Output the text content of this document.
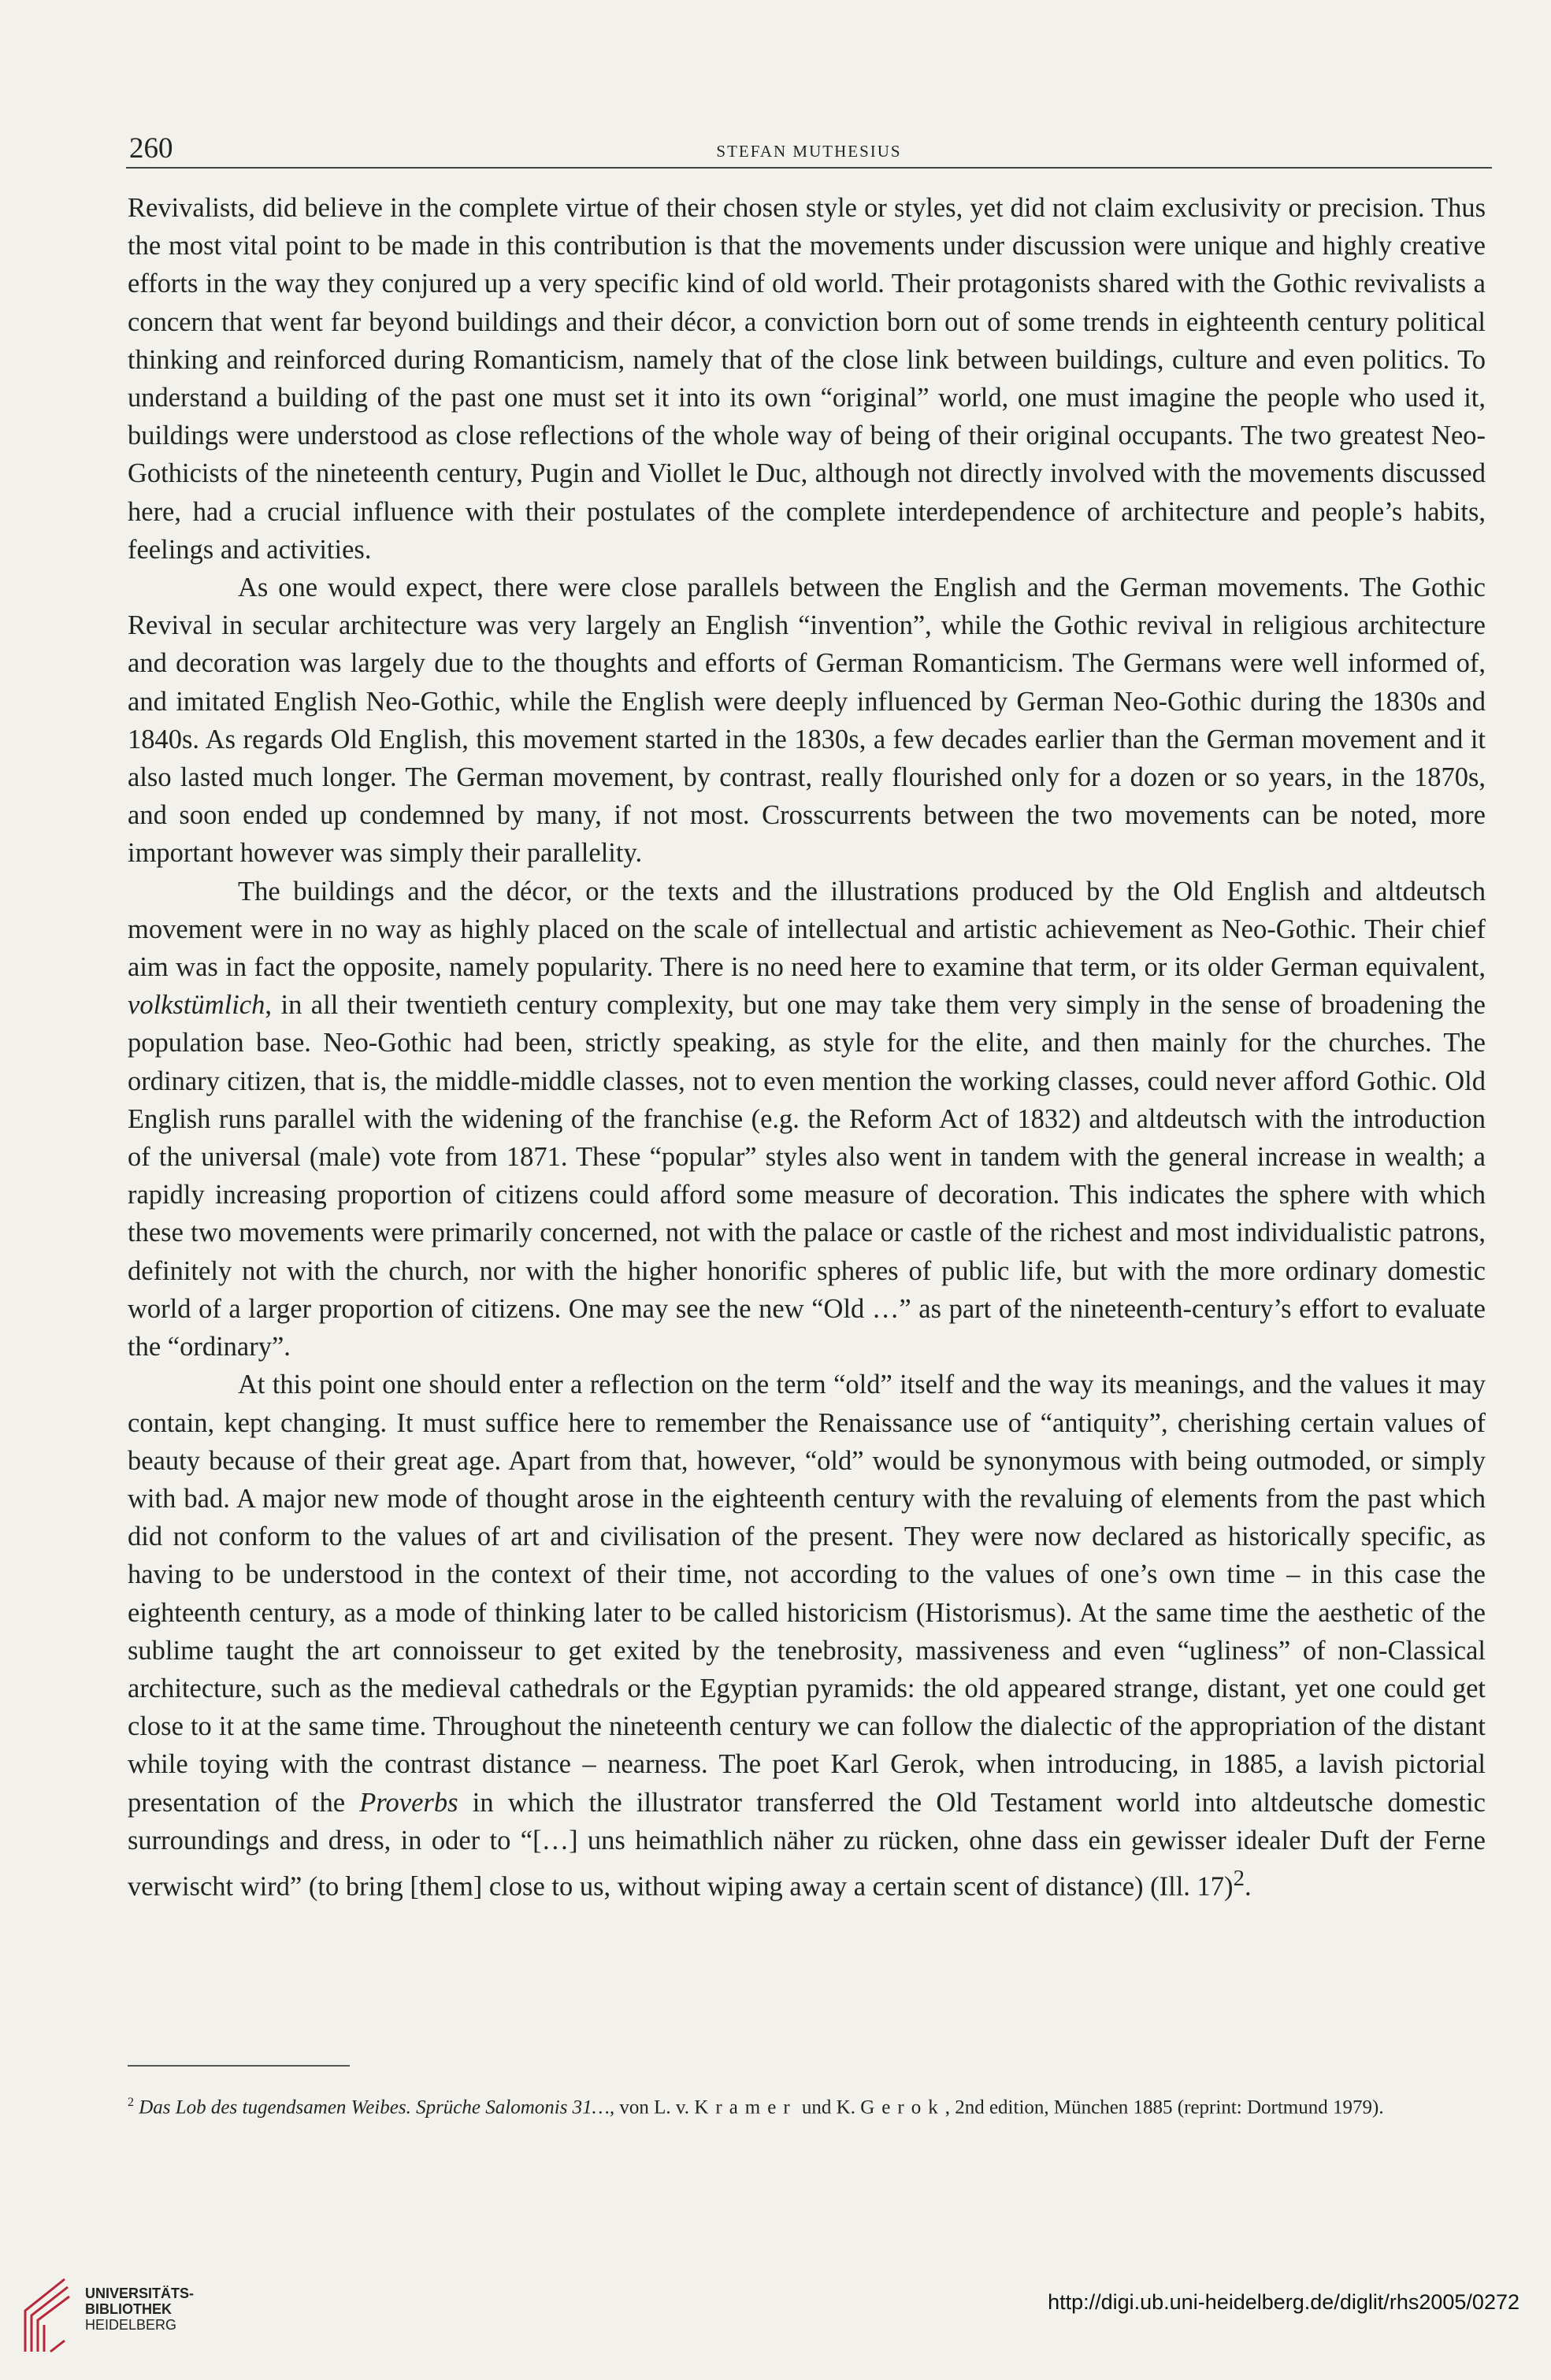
260	STEFAN MUTHESIUS

Revivalists, did believe in the complete virtue of their chosen style or styles, yet did not claim exclusivity or precision. Thus the most vital point to be made in this contribution is that the movements under discussion were unique and highly creative efforts in the way they conjured up a very specific kind of old world. Their protagonists shared with the Gothic revivalists a concern that went far beyond buildings and their décor, a conviction born out of some trends in eighteenth century political thinking and reinforced during Romanticism, namely that of the close link between buildings, culture and even politics. To understand a building of the past one must set it into its own “original” world, one must imagine the people who used it, buildings were understood as close reflections of the whole way of being of their original occupants. The two greatest Neo-Gothicists of the nineteenth century, Pugin and Viollet le Duc, although not directly involved with the movements discussed here, had a crucial influence with their postulates of the complete interdependence of architecture and people’s habits, feelings and activities.

As one would expect, there were close parallels between the English and the German movements. The Gothic Revival in secular architecture was very largely an English “invention”, while the Gothic revival in religious architecture and decoration was largely due to the thoughts and efforts of German Romanticism. The Germans were well informed of, and imitated English Neo-Gothic, while the English were deeply influenced by German Neo-Gothic during the 1830s and 1840s. As regards Old English, this movement started in the 1830s, a few decades earlier than the German movement and it also lasted much longer. The German movement, by contrast, really flourished only for a dozen or so years, in the 1870s, and soon ended up condemned by many, if not most. Crosscurrents between the two movements can be noted, more important however was simply their parallelity.

The buildings and the décor, or the texts and the illustrations produced by the Old English and altdeutsch movement were in no way as highly placed on the scale of intellectual and artistic achievement as Neo-Gothic. Their chief aim was in fact the opposite, namely popularity. There is no need here to examine that term, or its older German equivalent, volkstümlich, in all their twentieth century complexity, but one may take them very simply in the sense of broadening the population base. Neo-Gothic had been, strictly speaking, as style for the elite, and then mainly for the churches. The ordinary citizen, that is, the middle-middle classes, not to even mention the working classes, could never afford Gothic. Old English runs parallel with the widening of the franchise (e.g. the Reform Act of 1832) and altdeutsch with the introduction of the universal (male) vote from 1871. These “popular” styles also went in tandem with the general increase in wealth; a rapidly increasing proportion of citizens could afford some measure of decoration. This indicates the sphere with which these two movements were primarily concerned, not with the palace or castle of the richest and most individualistic patrons, definitely not with the church, nor with the higher honorific spheres of public life, but with the more ordinary domestic world of a larger proportion of citizens. One may see the new “Old …” as part of the nineteenth-century’s effort to evaluate the “ordinary”.

At this point one should enter a reflection on the term “old” itself and the way its meanings, and the values it may contain, kept changing. It must suffice here to remember the Renaissance use of “antiquity”, cherishing certain values of beauty because of their great age. Apart from that, however, “old” would be synonymous with being outmoded, or simply with bad. A major new mode of thought arose in the eighteenth century with the revaluing of elements from the past which did not conform to the values of art and civilisation of the present. They were now declared as historically specific, as having to be understood in the context of their time, not according to the values of one’s own time – in this case the eighteenth century, as a mode of thinking later to be called historicism (Historismus). At the same time the aesthetic of the sublime taught the art connoisseur to get exited by the tenebrosity, massiveness and even “ugliness” of non-Classical architecture, such as the medieval cathedrals or the Egyptian pyramids: the old appeared strange, distant, yet one could get close to it at the same time. Throughout the nineteenth century we can follow the dialectic of the appropriation of the distant while toying with the contrast distance – nearness. The poet Karl Gerok, when introducing, in 1885, a lavish pictorial presentation of the Proverbs in which the illustrator transferred the Old Testament world into altdeutsche domestic surroundings and dress, in oder to “[…] uns heimathlich näher zu rücken, ohne dass ein gewisser idealer Duft der Ferne verwischt wird” (to bring [them] close to us, without wiping away a certain scent of distance) (Ill. 17)$^2$.

$^2$ Das Lob des tugendsamen Weibes. Sprüche Salomonis 31…, von L. v. Kramer und K. Gerok, 2nd edition, München 1885 (reprint: Dortmund 1979).
UNIVERSITÄTS-
BIBLIOTHEK
HEIDELBERG
http://digi.ub.uni-heidelberg.de/diglit/rhs2005/0272
